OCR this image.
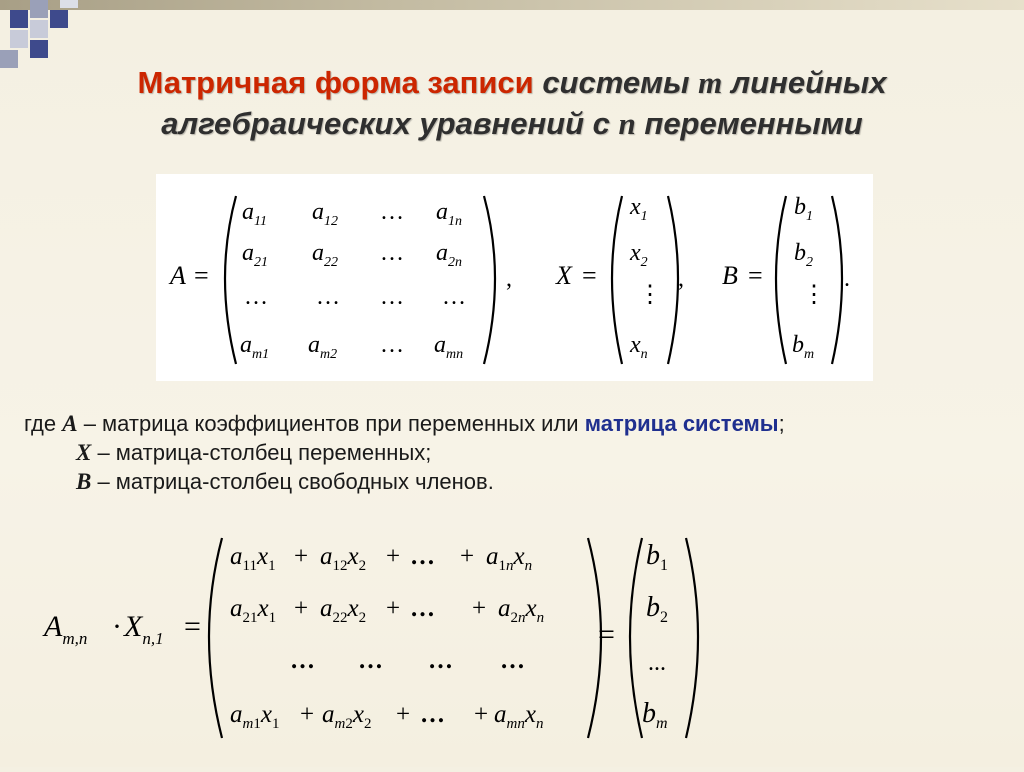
Матричная форма записи системы m линейных
алгебраических уравнений с n переменными
A =
$a_{11}$ $a_{12}$ … $a_{1n}$
$a_{21}$ $a_{22}$ … $a_{2n}$
… … … …
$a_{m1}$ $a_{m2}$ … $a_{mn}$
, X =
$x_1$
$x_2$
⋮
$x_n$
, B =
$b_1$
$b_2$
⋮
$b_m$
.
где A – матрица коэффициентов при переменных или матрица системы;
X – матрица-столбец переменных;
B – матрица-столбец свободных членов.
$A_{m,n} \cdot X_{n,1}$ =
$a_{11}x_1 + a_{12}x_2$ + … + $a_{1n}x_n$
$a_{21}x_1 + a_{22}x_2$ + … + $a_{2n}x_n$
… … … …
$a_{m1}x_1 + a_{m2}x_2$ + … + $a_{mn}x_n$
=
$b_1$
$b_2$
...
$b_m$
